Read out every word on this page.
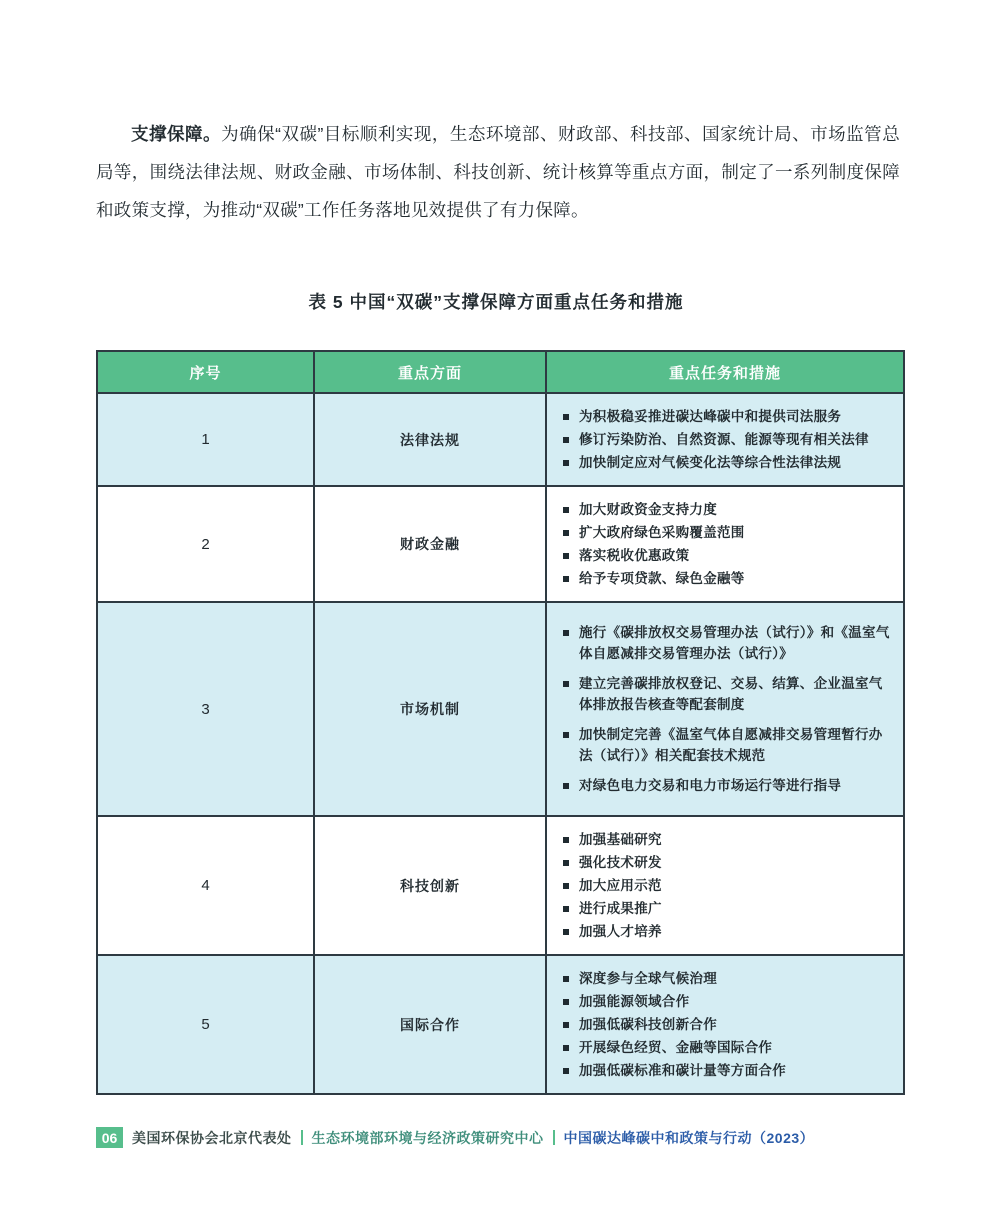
支撑保障。为确保“双碳”目标顺利实现，生态环境部、财政部、科技部、国家统计局、市场监管总局等，围绕法律法规、财政金融、市场体制、科技创新、统计核算等重点方面，制定了一系列制度保障和政策支撑，为推动“双碳”工作任务落地见效提供了有力保障。

表 5 中国“双碳”支撑保障方面重点任务和措施
序号	重点方面	重点任务和措施
1	法律法规	
为积极稳妥推进碳达峰碳中和提供司法服务
修订污染防治、自然资源、能源等现有相关法律
加快制定应对气候变化法等综合性法律法规

2	财政金融	
加大财政资金支持力度
扩大政府绿色采购覆盖范围
落实税收优惠政策
给予专项贷款、绿色金融等

3	市场机制	
施行《碳排放权交易管理办法（试行）》和《温室气体自愿减排交易管理办法（试行）》
建立完善碳排放权登记、交易、结算、企业温室气体排放报告核查等配套制度
加快制定完善《温室气体自愿减排交易管理暂行办法（试行）》相关配套技术规范
对绿色电力交易和电力市场运行等进行指导

4	科技创新	
加强基础研究
强化技术研发
加大应用示范
进行成果推广
加强人才培养

5	国际合作	
深度参与全球气候治理
加强能源领域合作
加强低碳科技创新合作
开展绿色经贸、金融等国际合作
加强低碳标准和碳计量等方面合作
06	美国环保协会北京代表处 生态环境部环境与经济政策研究中心 中国碳达峰碳中和政策与行动（2023）
